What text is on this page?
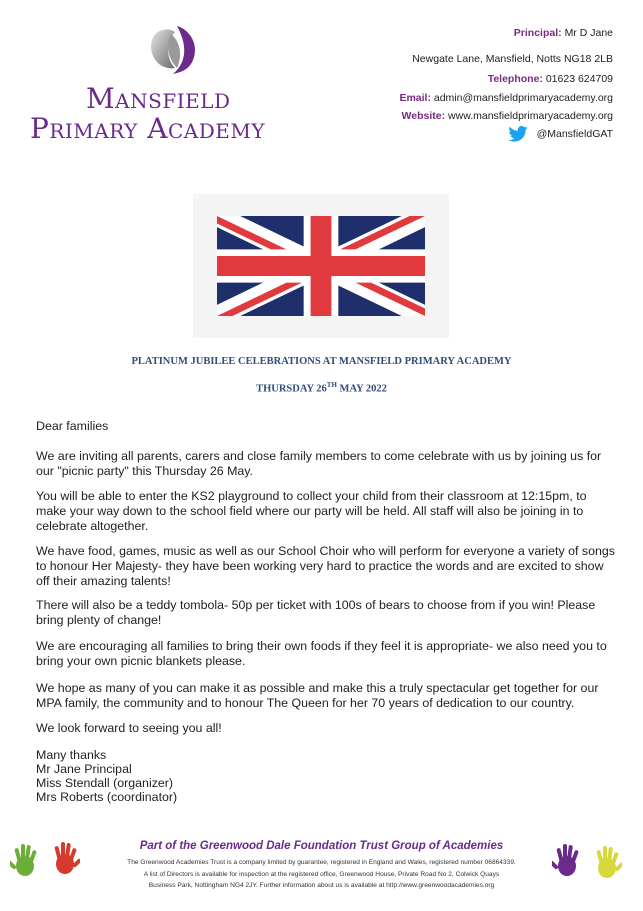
Mansfield
Primary Academy
Principal: Mr D Jane
Newgate Lane, Mansfield, Notts NG18 2LB
Telephone: 01623 624709
Email: admin@mansfieldprimaryacademy.org
Website: www.mansfieldprimaryacademy.org
@MansfieldGAT
PLATINUM JUBILEE CELEBRATIONS AT MANSFIELD PRIMARY ACADEMY
THURSDAY 26TH MAY 2022
Dear families
We are inviting all parents, carers and close family members to come celebrate with us by joining us for our "picnic party" this Thursday 26 May.
You will be able to enter the KS2 playground to collect your child from their classroom at 12:15pm, to make your way down to the school field where our party will be held. All staff will also be joining in to celebrate altogether.
We have food, games, music as well as our School Choir who will perform for everyone a variety of songs to honour Her Majesty- they have been working very hard to practice the words and are excited to show off their amazing talents!
There will also be a teddy tombola- 50p per ticket with 100s of bears to choose from if you win! Please bring plenty of change!
We are encouraging all families to bring their own foods if they feel it is appropriate- we also need you to bring your own picnic blankets please.
We hope as many of you can make it as possible and make this a truly spectacular get together for our MPA family, the community and to honour The Queen for her 70 years of dedication to our country.
We look forward to seeing you all!
Many thanks
Mr Jane Principal
Miss Stendall (organizer)
Mrs Roberts (coordinator)
Part of the Greenwood Dale Foundation Trust Group of Academies
The Greenwood Academies Trust is a company limited by guarantee, registered in England and Wales, registered number 06864339.
A list of Directors is available for inspection at the registered office, Greenwood House, Private Road No 2, Colwick Quays
Business Park, Nottingham NG4 2JY. Further information about us is available at http://www.greenwoodacademies.org
